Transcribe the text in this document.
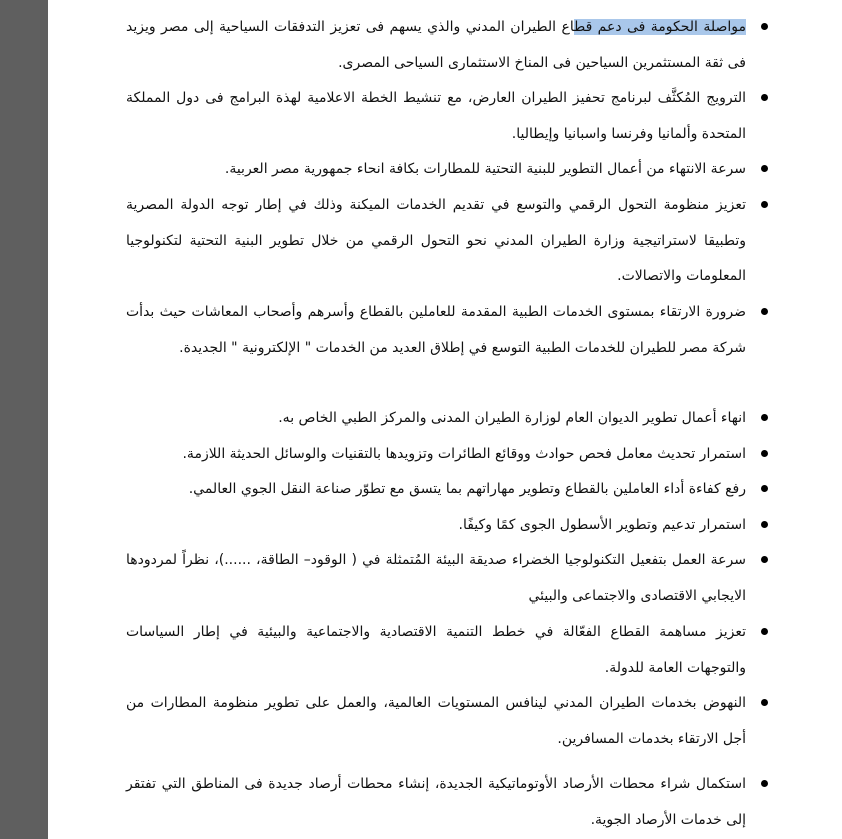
مواصلة الحكومة فى دعم قطاع الطيران المدني والذي يسهم فى تعزيز التدفقات السياحية إلى مصر ويزيد فى ثقة المستثمرين السياحين فى المناخ الاستثمارى السياحى المصرى.
الترويج المُكثَّف لبرنامج تحفيز الطيران العارض، مع تنشيط الخطة الاعلامية لهذة البرامج فى دول المملكة المتحدة وألمانيا وفرنسا واسبانيا وإيطاليا.
سرعة الانتهاء من أعمال التطوير للبنية التحتية للمطارات بكافة انحاء جمهورية مصر العربية.
تعزيز منظومة التحول الرقمي والتوسع في تقديم الخدمات الميكنة وذلك في إطار توجه الدولة المصرية وتطبيقا لاستراتيجية وزارة الطيران المدني نحو التحول الرقمي من خلال تطوير البنية التحتية لتكنولوجيا المعلومات والاتصالات.
ضرورة الارتقاء بمستوى الخدمات الطبية المقدمة للعاملين بالقطاع وأسرهم وأصحاب المعاشات حيث بدأت شركة مصر للطيران للخدمات الطبية التوسع في إطلاق العديد من الخدمات " الإلكترونية " الجديدة.
انهاء أعمال تطوير الديوان العام لوزارة الطيران المدنى والمركز الطبي الخاص به.
استمرار تحديث معامل فحص حوادث ووقائع الطائرات وتزويدها بالتقنيات والوسائل الحديثة اللازمة.
رفع كفاءة أداء العاملين بالقطاع وتطوير مهاراتهم بما يتسق مع تطوّر صناعة النقل الجوي العالمي.
استمرار تدعيم وتطوير الأسطول الجوى كمًا وكيفًا.
سرعة العمل بتفعيل التكنولوجيا الخضراء صديقة البيئة المُتمثلة في ( الوقود– الطاقة، ......)، نظراً لمردودها الايجابي الاقتصادى والاجتماعى والبيئي
تعزيز مساهمة القطاع الفعّالة في خطط التنمية الاقتصادية والاجتماعية والبيئية في إطار السياسات والتوجهات العامة للدولة.
النهوض بخدمات الطيران المدني لينافس المستويات العالمية، والعمل على تطوير منظومة المطارات من أجل الارتقاء بخدمات المسافرين.
استكمال شراء محطات الأرصاد الأوتوماتيكية الجديدة، إنشاء محطات أرصاد جديدة فى المناطق التي تفتقر إلى خدمات الأرصاد الجوية.
